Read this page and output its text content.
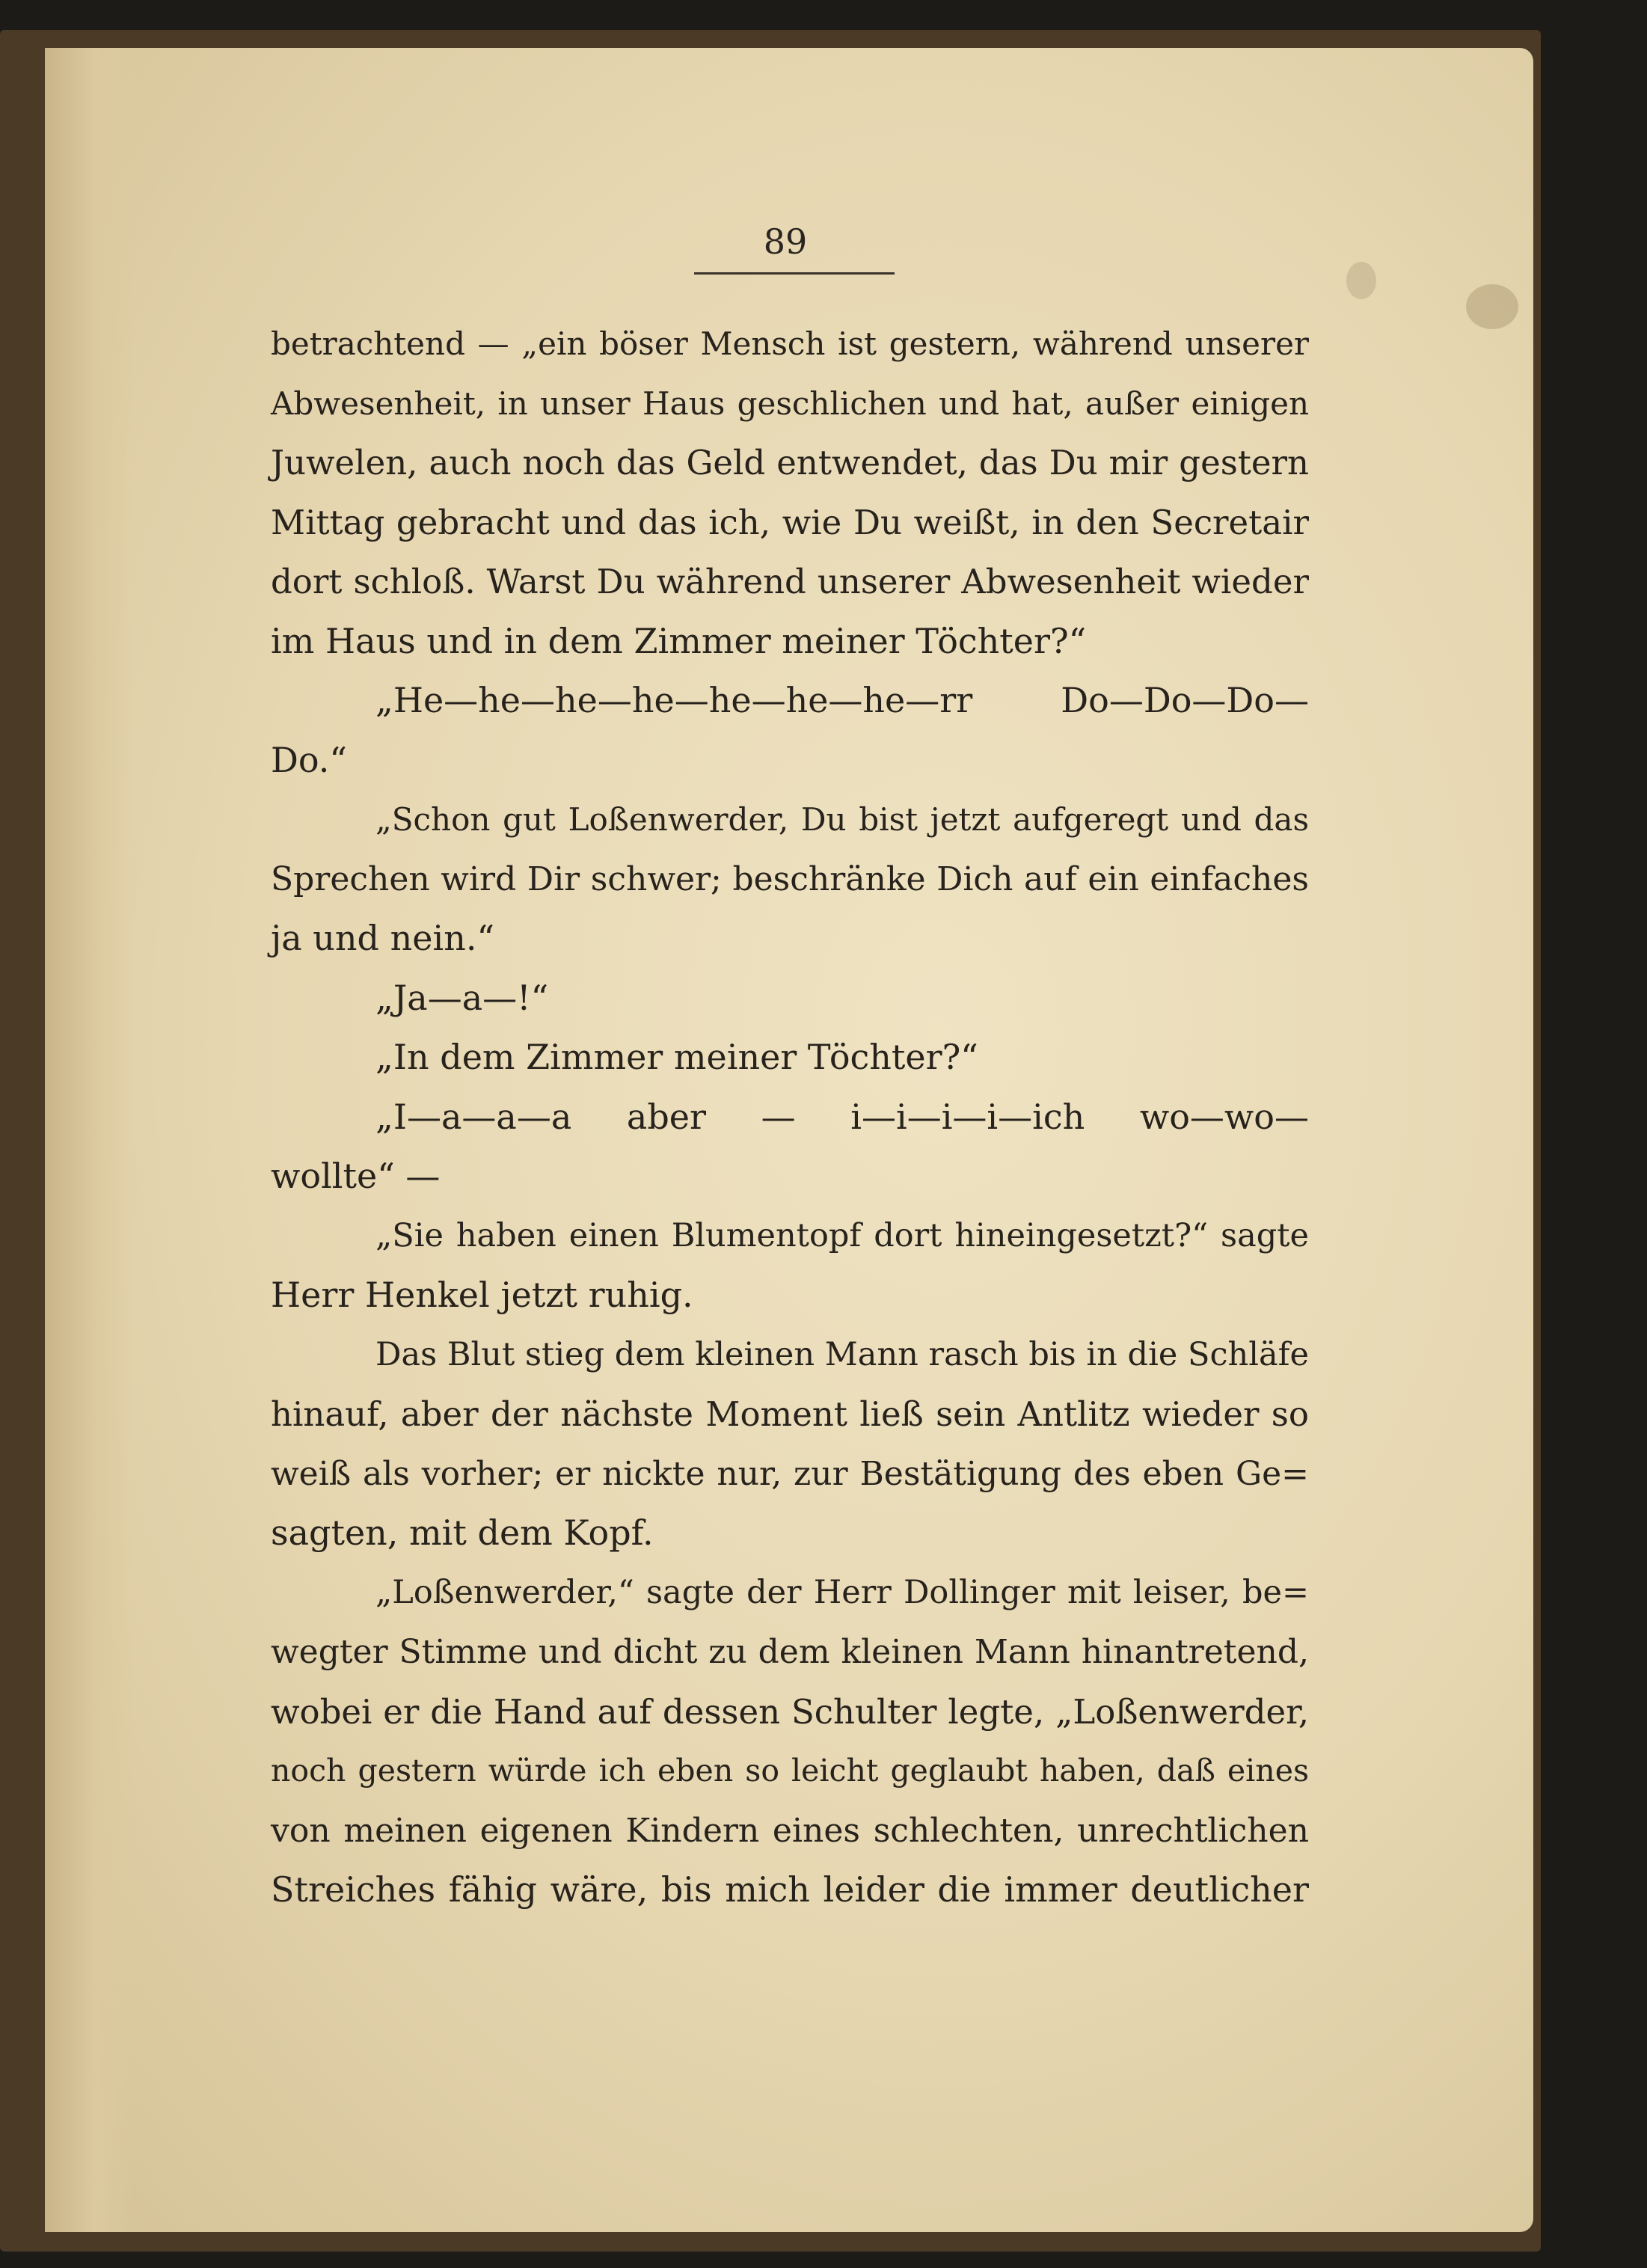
89
betrachtend — „ein böser Mensch ist gestern, während unserer
Abwesenheit, in unser Haus geschlichen und hat, außer einigen
Juwelen, auch noch das Geld entwendet, das Du mir gestern
Mittag gebracht und das ich, wie Du weißt, in den Secretair
dort schloß. Warst Du während unserer Abwesenheit wieder
im Haus und in dem Zimmer meiner Töchter?“
„He—he—he—he—he—he—he—rr Do—Do—Do—
Do.“
„Schon gut Loßenwerder, Du bist jetzt aufgeregt und das
Sprechen wird Dir schwer; beschränke Dich auf ein einfaches
ja und nein.“
„Ja—a—!“
„In dem Zimmer meiner Töchter?“
„I—a—a—a aber — i—i—i—i—ich wo—wo—
wollte“ —
„Sie haben einen Blumentopf dort hineingesetzt?“ sagte
Herr Henkel jetzt ruhig.
Das Blut stieg dem kleinen Mann rasch bis in die Schläfe
hinauf, aber der nächste Moment ließ sein Antlitz wieder so
weiß als vorher; er nickte nur, zur Bestätigung des eben Ge=
sagten, mit dem Kopf.
„Loßenwerder,“ sagte der Herr Dollinger mit leiser, be=
wegter Stimme und dicht zu dem kleinen Mann hinantretend,
wobei er die Hand auf dessen Schulter legte, „Loßenwerder,
noch gestern würde ich eben so leicht geglaubt haben, daß eines
von meinen eigenen Kindern eines schlechten, unrechtlichen
Streiches fähig wäre, bis mich leider die immer deutlicher
